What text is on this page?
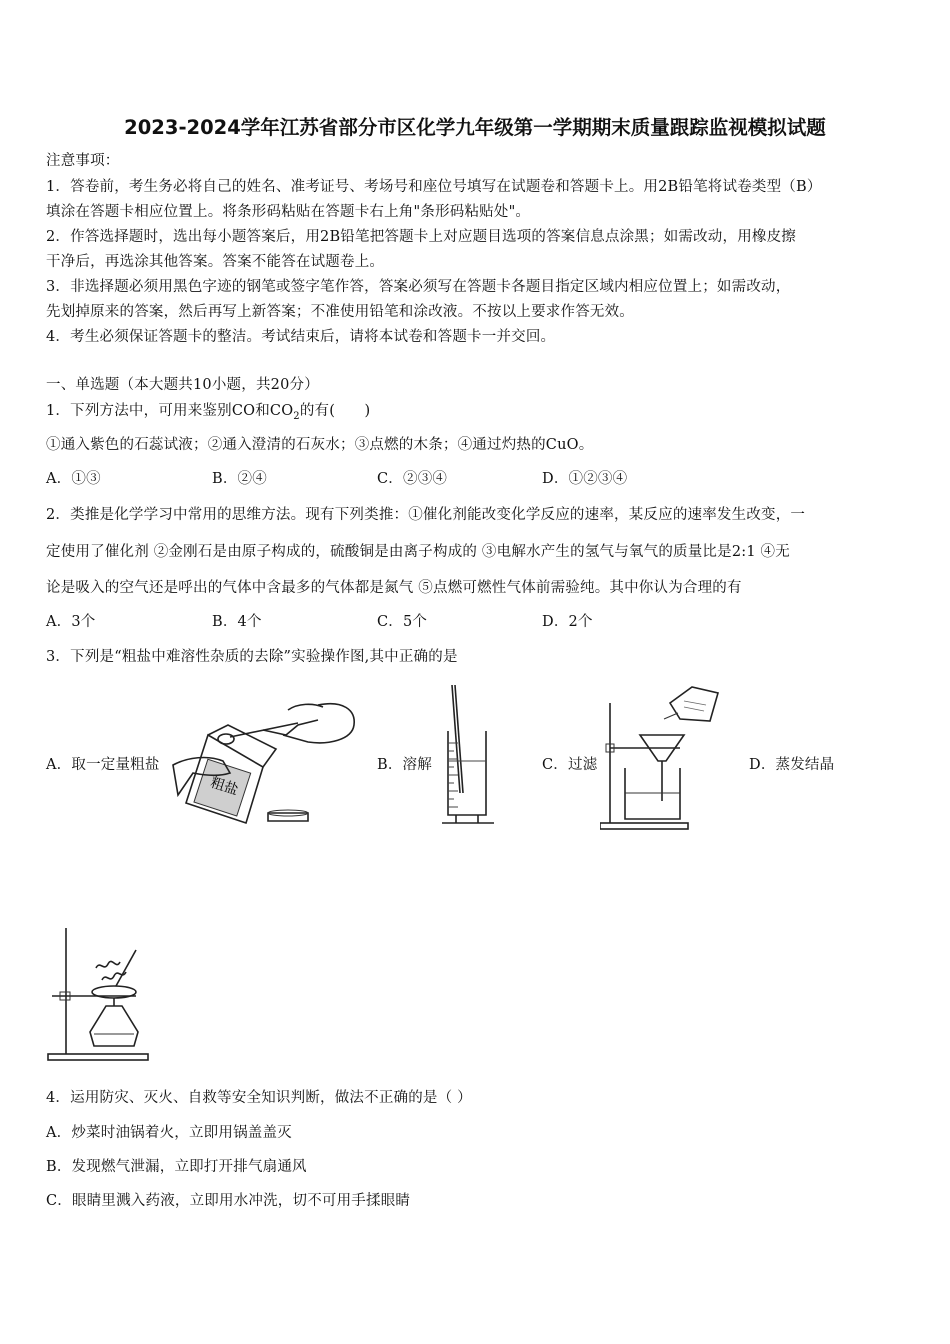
2023-2024学年江苏省部分市区化学九年级第一学期期末质量跟踪监视模拟试题
注意事项：
1．答卷前，考生务必将自己的姓名、准考证号、考场号和座位号填写在试题卷和答题卡上。用2B铅笔将试卷类型（B）
填涂在答题卡相应位置上。将条形码粘贴在答题卡右上角"条形码粘贴处"。
2．作答选择题时，选出每小题答案后，用2B铅笔把答题卡上对应题目选项的答案信息点涂黑；如需改动，用橡皮擦
干净后，再选涂其他答案。答案不能答在试题卷上。
3．非选择题必须用黑色字迹的钢笔或签字笔作答，答案必须写在答题卡各题目指定区域内相应位置上；如需改动，
先划掉原来的答案，然后再写上新答案；不准使用铅笔和涂改液。不按以上要求作答无效。
4．考生必须保证答题卡的整洁。考试结束后，请将本试卷和答题卡一并交回。
一、单选题（本大题共10小题，共20分）
1．下列方法中，可用来鉴别CO和$CO_2$的有(　　)
①通入紫色的石蕊试液；②通入澄清的石灰水；③点燃的木条；④通过灼热的CuO。
A．①③	B．②④	C．②③④	D．①②③④
2．类推是化学学习中常用的思维方法。现有下列类推：①催化剂能改变化学反应的速率，某反应的速率发生改变，一
定使用了催化剂 ②金刚石是由原子构成的，硫酸铜是由离子构成的 ③电解水产生的氢气与氧气的质量比是2:1 ④无
论是吸入的空气还是呼出的气体中含最多的气体都是氮气 ⑤点燃可燃性气体前需验纯。其中你认为合理的有
A．3个	B．4个	C．5个	D．2个
3．下列是“粗盐中难溶性杂质的去除”实验操作图,其中正确的是
A．取一定量粗盐	B．溶解	C．过滤	D．蒸发结晶
粗盐
4．运用防灾、灭火、自救等安全知识判断，做法不正确的是（ ）
A．炒菜时油锅着火，立即用锅盖盖灭
B．发现燃气泄漏，立即打开排气扇通风
C．眼睛里溅入药液，立即用水冲洗，切不可用手揉眼睛
